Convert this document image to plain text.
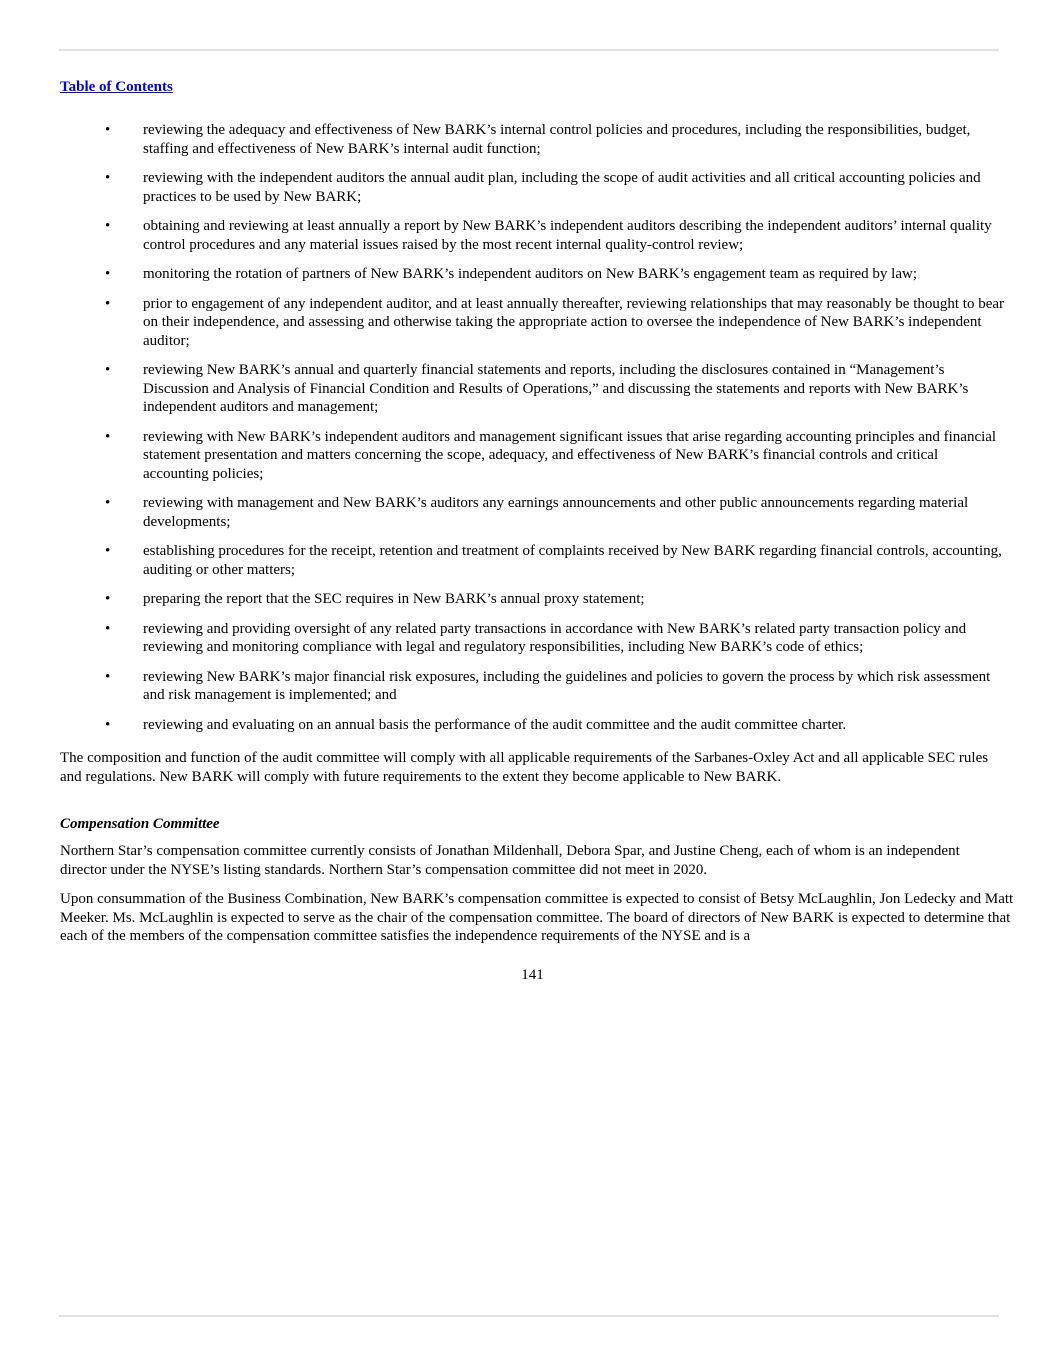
Table of Contents
• reviewing the adequacy and effectiveness of New BARK’s internal control policies and procedures, including the responsibilities, budget, staffing and effectiveness of New BARK’s internal audit function;
• reviewing with the independent auditors the annual audit plan, including the scope of audit activities and all critical accounting policies and practices to be used by New BARK;
• obtaining and reviewing at least annually a report by New BARK’s independent auditors describing the independent auditors’ internal quality control procedures and any material issues raised by the most recent internal quality-control review;
• monitoring the rotation of partners of New BARK’s independent auditors on New BARK’s engagement team as required by law;
• prior to engagement of any independent auditor, and at least annually thereafter, reviewing relationships that may reasonably be thought to bear on their independence, and assessing and otherwise taking the appropriate action to oversee the independence of New BARK’s independent auditor;
• reviewing New BARK’s annual and quarterly financial statements and reports, including the disclosures contained in “Management’s Discussion and Analysis of Financial Condition and Results of Operations,” and discussing the statements and reports with New BARK’s independent auditors and management;
• reviewing with New BARK’s independent auditors and management significant issues that arise regarding accounting principles and financial statement presentation and matters concerning the scope, adequacy, and effectiveness of New BARK’s financial controls and critical accounting policies;
• reviewing with management and New BARK’s auditors any earnings announcements and other public announcements regarding material developments;
• establishing procedures for the receipt, retention and treatment of complaints received by New BARK regarding financial controls, accounting, auditing or other matters;
• preparing the report that the SEC requires in New BARK’s annual proxy statement;
• reviewing and providing oversight of any related party transactions in accordance with New BARK’s related party transaction policy and reviewing and monitoring compliance with legal and regulatory responsibilities, including New BARK’s code of ethics;
• reviewing New BARK’s major financial risk exposures, including the guidelines and policies to govern the process by which risk assessment and risk management is implemented; and
• reviewing and evaluating on an annual basis the performance of the audit committee and the audit committee charter.

The composition and function of the audit committee will comply with all applicable requirements of the Sarbanes-Oxley Act and all applicable SEC rules and regulations. New BARK will comply with future requirements to the extent they become applicable to New BARK.

Compensation Committee

Northern Star’s compensation committee currently consists of Jonathan Mildenhall, Debora Spar, and Justine Cheng, each of whom is an independent director under the NYSE’s listing standards. Northern Star’s compensation committee did not meet in 2020.

Upon consummation of the Business Combination, New BARK’s compensation committee is expected to consist of Betsy McLaughlin, Jon Ledecky and Matt Meeker. Ms. McLaughlin is expected to serve as the chair of the compensation committee. The board of directors of New BARK is expected to determine that each of the members of the compensation committee satisfies the independence requirements of the NYSE and is a

141
